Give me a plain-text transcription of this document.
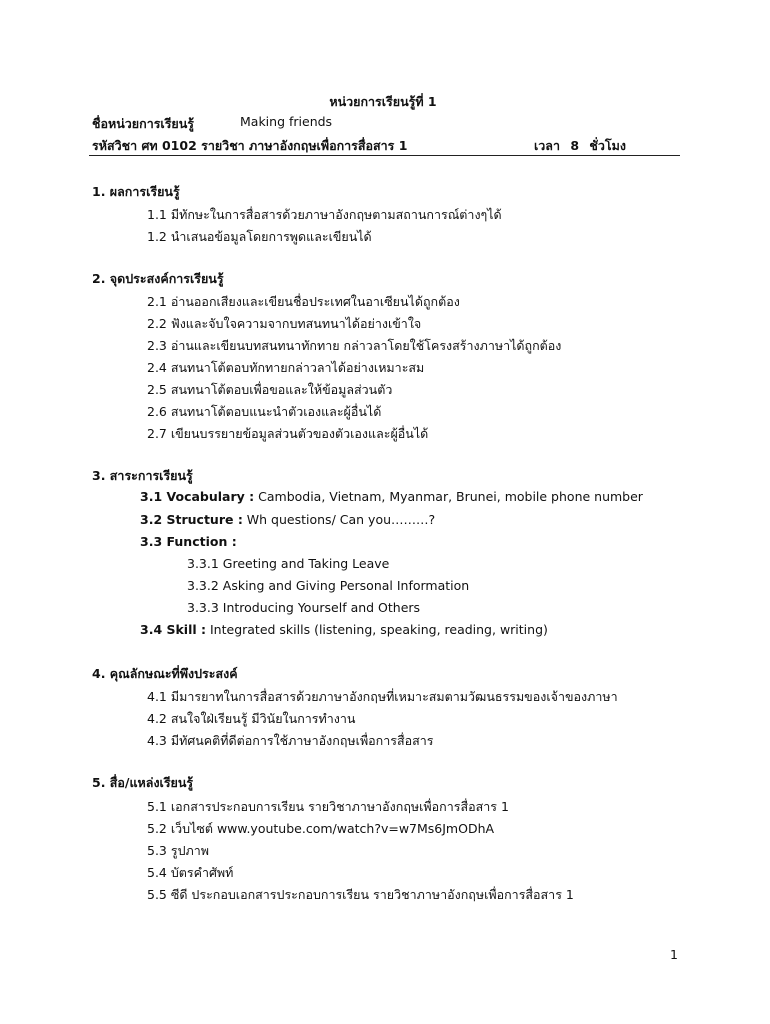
หน่วยการเรียนรู้ที่ 1
ชื่อหน่วยการเรียนรู้	Making friends
รหัสวิชา ศท 0102 รายวิชา ภาษาอังกฤษเพื่อการสื่อสาร 1	เวลา 8 ชั่วโมง
1. ผลการเรียนรู้
1.1 มีทักษะในการสื่อสารด้วยภาษาอังกฤษตามสถานการณ์ต่างๆได้
1.2 นำเสนอข้อมูลโดยการพูดและเขียนได้
2. จุดประสงค์การเรียนรู้
2.1 อ่านออกเสียงและเขียนชื่อประเทศในอาเซียนได้ถูกต้อง
2.2 ฟังและจับใจความจากบทสนทนาได้อย่างเข้าใจ
2.3 อ่านและเขียนบทสนทนาทักทาย กล่าวลาโดยใช้โครงสร้างภาษาได้ถูกต้อง
2.4 สนทนาโต้ตอบทักทายกล่าวลาได้อย่างเหมาะสม
2.5 สนทนาโต้ตอบเพื่อขอและให้ข้อมูลส่วนตัว
2.6 สนทนาโต้ตอบแนะนำตัวเองและผู้อื่นได้
2.7 เขียนบรรยายข้อมูลส่วนตัวของตัวเองและผู้อื่นได้
3. สาระการเรียนรู้
3.1 Vocabulary : Cambodia, Vietnam, Myanmar, Brunei, mobile phone number
3.2 Structure : Wh questions/ Can you………?
3.3 Function :
3.3.1 Greeting and Taking Leave
3.3.2 Asking and Giving Personal Information
3.3.3 Introducing Yourself and Others
3.4 Skill : Integrated skills (listening, speaking, reading, writing)
4. คุณลักษณะที่พึงประสงค์
4.1 มีมารยาทในการสื่อสารด้วยภาษาอังกฤษที่เหมาะสมตามวัฒนธรรมของเจ้าของภาษา
4.2 สนใจใฝ่เรียนรู้ มีวินัยในการทำงาน
4.3 มีทัศนคติที่ดีต่อการใช้ภาษาอังกฤษเพื่อการสื่อสาร
5. สื่อ/แหล่งเรียนรู้
5.1 เอกสารประกอบการเรียน รายวิชาภาษาอังกฤษเพื่อการสื่อสาร 1
5.2 เว็บไซต์ www.youtube.com/watch?v=w7Ms6JmODhA
5.3 รูปภาพ
5.4 บัตรคำศัพท์
5.5 ซีดี ประกอบเอกสารประกอบการเรียน รายวิชาภาษาอังกฤษเพื่อการสื่อสาร 1
1
